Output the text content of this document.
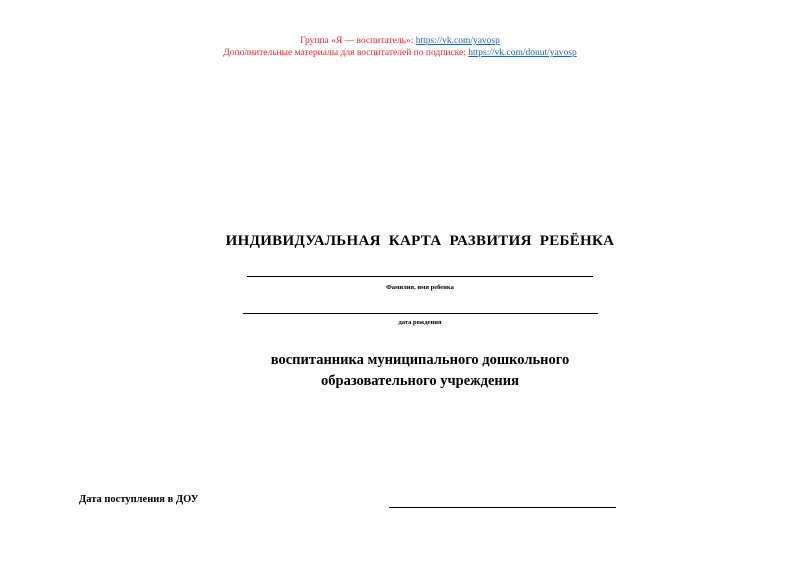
Группа «Я — воспитатель»: https://vk.com/yavosp
Дополнительные материалы для воспитателей по подписке: https://vk.com/donut/yavosp
ИНДИВИДУАЛЬНАЯ КАРТА РАЗВИТИЯ РЕБЁНКА
Фамилия, имя ребенка
дата рождения
воспитанника муниципального дошкольного
образовательного учреждения
Дата поступления в ДОУ
